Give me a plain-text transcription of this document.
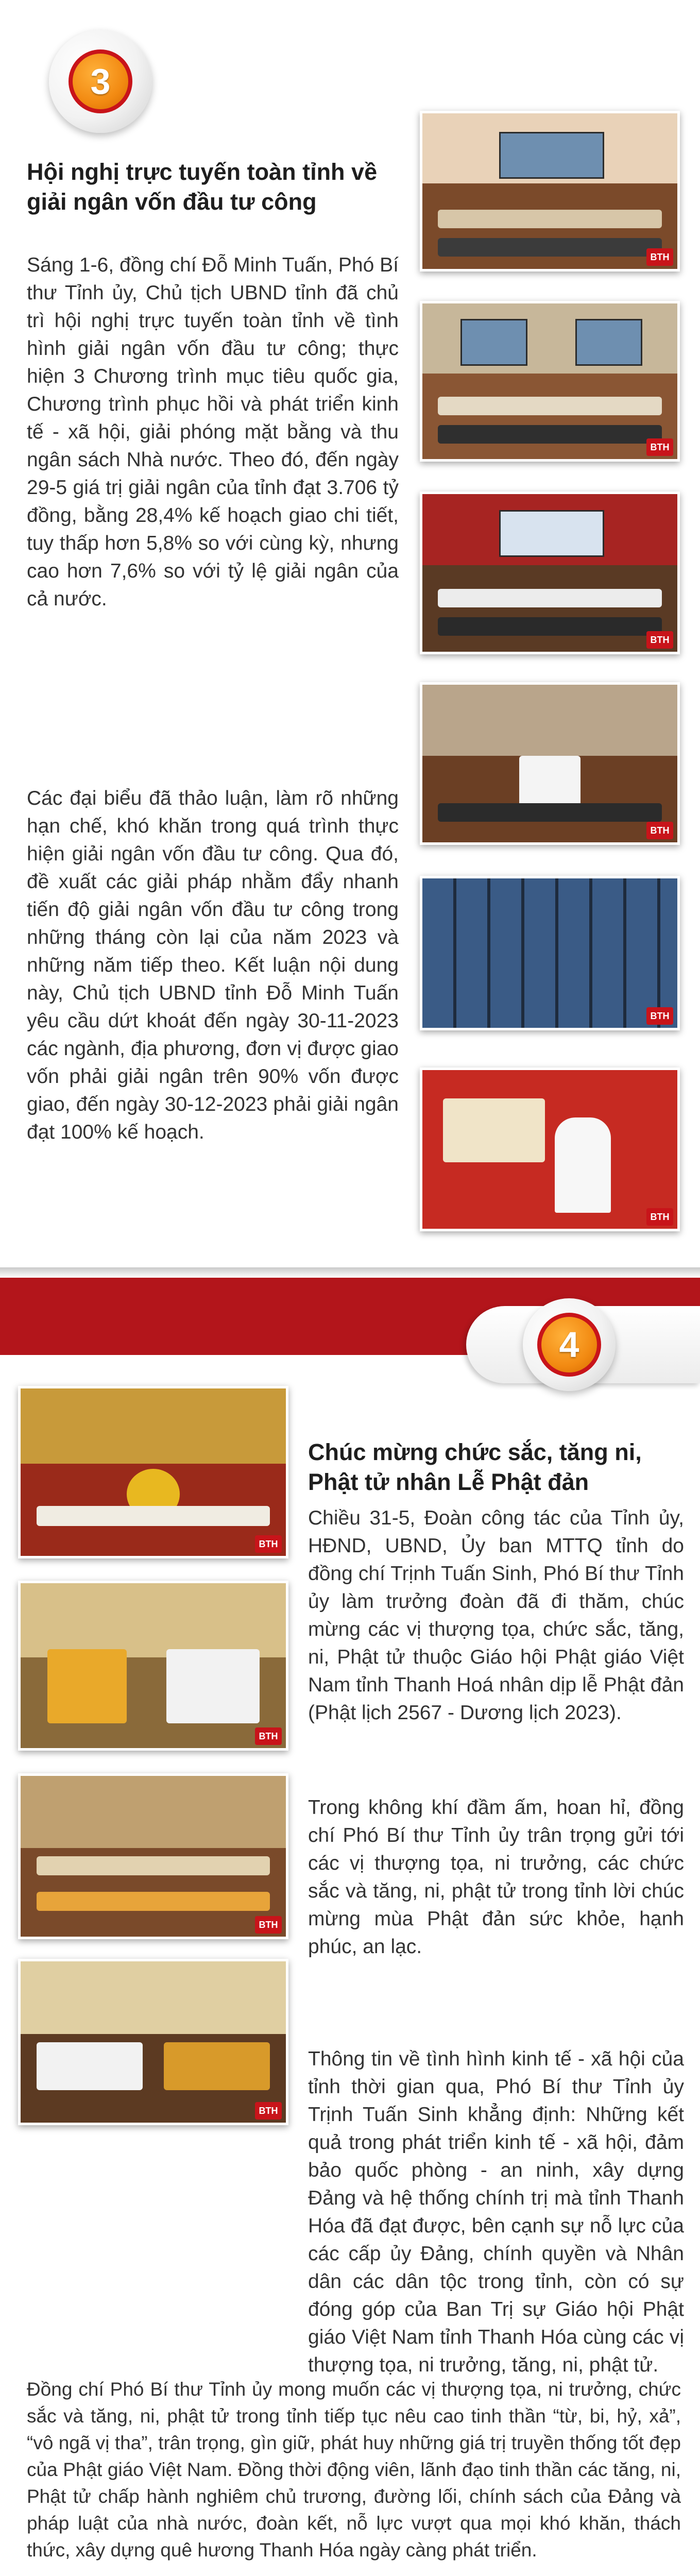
3
Hội nghị trực tuyến toàn tỉnh về giải ngân vốn đầu tư công

Sáng 1-6, đồng chí Đỗ Minh Tuấn, Phó Bí thư Tỉnh ủy, Chủ tịch UBND tỉnh đã chủ trì hội nghị trực tuyến toàn tỉnh về tình hình giải ngân vốn đầu tư công; thực hiện 3 Chương trình mục tiêu quốc gia, Chương trình phục hồi và phát triển kinh tế - xã hội, giải phóng mặt bằng và thu ngân sách Nhà nước. Theo đó, đến ngày 29-5 giá trị giải ngân của tỉnh đạt 3.706 tỷ đồng, bằng 28,4% kế hoạch giao chi tiết, tuy thấp hơn 5,8% so với cùng kỳ, nhưng cao hơn 7,6% so với tỷ lệ giải ngân của cả nước.

Các đại biểu đã thảo luận, làm rõ những hạn chế, khó khăn trong quá trình thực hiện giải ngân vốn đầu tư công. Qua đó, đề xuất các giải pháp nhằm đẩy nhanh tiến độ giải ngân vốn đầu tư công trong những tháng còn lại của năm 2023 và những năm tiếp theo. Kết luận nội dung này, Chủ tịch UBND tỉnh Đỗ Minh Tuấn yêu cầu dứt khoát đến ngày 30-11-2023 các ngành, địa phương, đơn vị được giao vốn phải giải ngân trên 90% vốn được giao, đến ngày 30-12-2023 phải giải ngân đạt 100% kế hoạch.

BTH
BTH
BTH
BTH
BTH
BTH
4
BTH
BTH
BTH
BTH
Chúc mừng chức sắc, tăng ni, Phật tử nhân Lễ Phật đản

Chiều 31-5, Đoàn công tác của Tỉnh ủy, HĐND, UBND, Ủy ban MTTQ tỉnh do đồng chí Trịnh Tuấn Sinh, Phó Bí thư Tỉnh ủy làm trưởng đoàn đã đi thăm, chúc mừng các vị thượng tọa, chức sắc, tăng, ni, Phật tử thuộc Giáo hội Phật giáo Việt Nam tỉnh Thanh Hoá nhân dịp lễ Phật đản (Phật lịch 2567 - Dương lịch 2023).

Trong không khí đầm ấm, hoan hỉ, đồng chí Phó Bí thư Tỉnh ủy trân trọng gửi tới các vị thượng tọa, ni trưởng, các chức sắc và tăng, ni, phật tử trong tỉnh lời chúc mừng mùa Phật đản sức khỏe, hạnh phúc, an lạc.

Thông tin về tình hình kinh tế - xã hội của tỉnh thời gian qua, Phó Bí thư Tỉnh ủy Trịnh Tuấn Sinh khẳng định: Những kết quả trong phát triển kinh tế - xã hội, đảm bảo quốc phòng - an ninh, xây dựng Đảng và hệ thống chính trị mà tỉnh Thanh Hóa đã đạt được, bên cạnh sự nỗ lực của các cấp ủy Đảng, chính quyền và Nhân dân các dân tộc trong tỉnh, còn có sự đóng góp của Ban Trị sự Giáo hội Phật giáo Việt Nam tỉnh Thanh Hóa cùng các vị thượng tọa, ni trưởng, tăng, ni, phật tử.

Đồng chí Phó Bí thư Tỉnh ủy mong muốn các vị thượng tọa, ni trưởng, chức sắc và tăng, ni, phật tử trong tỉnh tiếp tục nêu cao tinh thần “từ, bi, hỷ, xả”, “vô ngã vị tha”, trân trọng, gìn giữ, phát huy những giá trị truyền thống tốt đẹp của Phật giáo Việt Nam. Đồng thời động viên, lãnh đạo tinh thần các tăng, ni, Phật tử chấp hành nghiêm chủ trương, đường lối, chính sách của Đảng và pháp luật của nhà nước, đoàn kết, nỗ lực vượt qua mọi khó khăn, thách thức, xây dựng quê hương Thanh Hóa ngày càng phát triển.
